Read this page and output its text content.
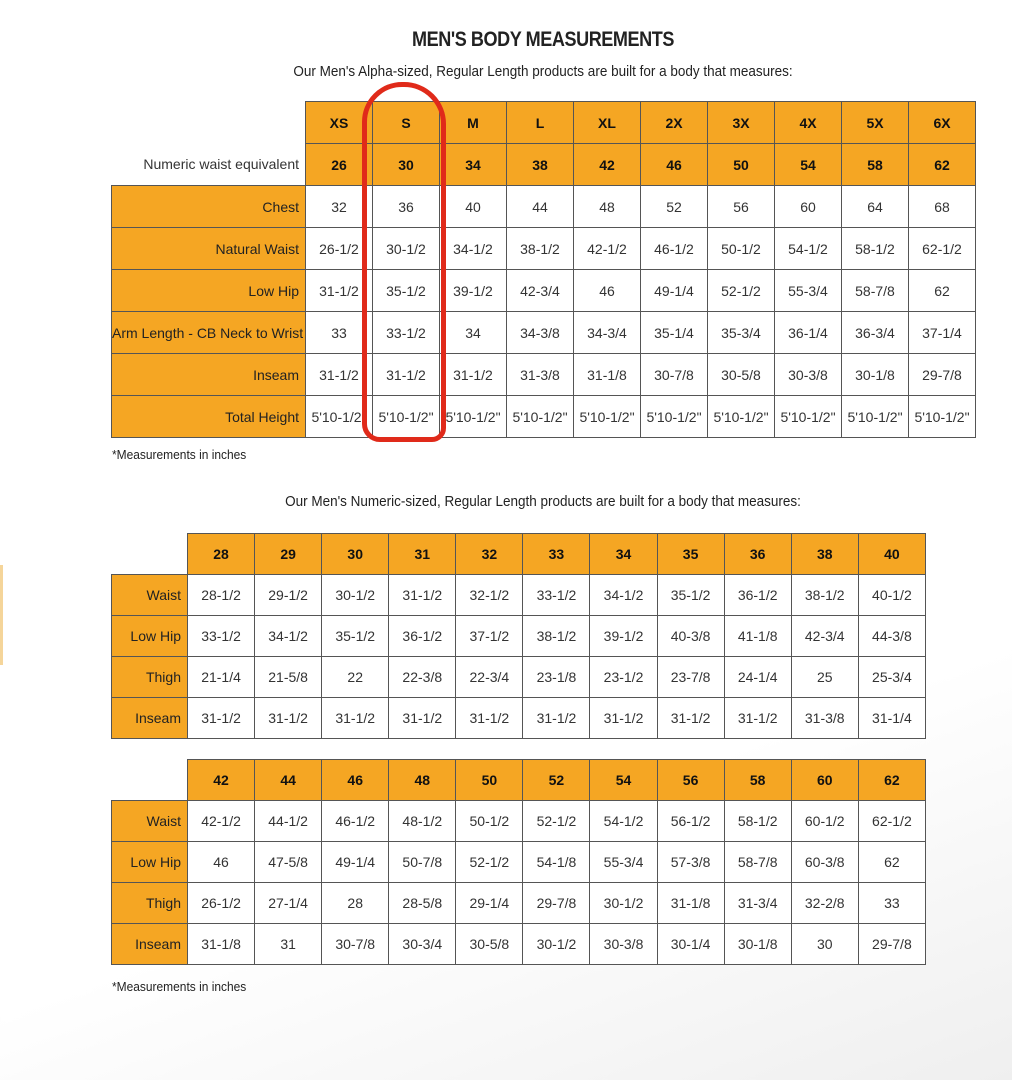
MEN'S BODY MEASUREMENTS
Our Men's Alpha-sized, Regular Length products are built for a body that measures:
	XS	S	M	L	XL	2X	3X	4X	5X	6X
Numeric waist equivalent	26	30	34	38	42	46	50	54	58	62
Chest	32	36	40	44	48	52	56	60	64	68
Natural Waist	26-1/2	30-1/2	34-1/2	38-1/2	42-1/2	46-1/2	50-1/2	54-1/2	58-1/2	62-1/2
Low Hip	31-1/2	35-1/2	39-1/2	42-3/4	46	49-1/4	52-1/2	55-3/4	58-7/8	62
Arm Length - CB Neck to Wrist	33	33-1/2	34	34-3/8	34-3/4	35-1/4	35-3/4	36-1/4	36-3/4	37-1/4
Inseam	31-1/2	31-1/2	31-1/2	31-3/8	31-1/8	30-7/8	30-5/8	30-3/8	30-1/8	29-7/8
Total Height	5'10-1/2"	5'10-1/2"	5'10-1/2"	5'10-1/2"	5'10-1/2"	5'10-1/2"	5'10-1/2"	5'10-1/2"	5'10-1/2"	5'10-1/2"
*Measurements in inches
Our Men's Numeric-sized, Regular Length products are built for a body that measures:
	28	29	30	31	32	33	34	35	36	38	40
Waist	28-1/2	29-1/2	30-1/2	31-1/2	32-1/2	33-1/2	34-1/2	35-1/2	36-1/2	38-1/2	40-1/2
Low Hip	33-1/2	34-1/2	35-1/2	36-1/2	37-1/2	38-1/2	39-1/2	40-3/8	41-1/8	42-3/4	44-3/8
Thigh	21-1/4	21-5/8	22	22-3/8	22-3/4	23-1/8	23-1/2	23-7/8	24-1/4	25	25-3/4
Inseam	31-1/2	31-1/2	31-1/2	31-1/2	31-1/2	31-1/2	31-1/2	31-1/2	31-1/2	31-3/8	31-1/4
	42	44	46	48	50	52	54	56	58	60	62
Waist	42-1/2	44-1/2	46-1/2	48-1/2	50-1/2	52-1/2	54-1/2	56-1/2	58-1/2	60-1/2	62-1/2
Low Hip	46	47-5/8	49-1/4	50-7/8	52-1/2	54-1/8	55-3/4	57-3/8	58-7/8	60-3/8	62
Thigh	26-1/2	27-1/4	28	28-5/8	29-1/4	29-7/8	30-1/2	31-1/8	31-3/4	32-2/8	33
Inseam	31-1/8	31	30-7/8	30-3/4	30-5/8	30-1/2	30-3/8	30-1/4	30-1/8	30	29-7/8
*Measurements in inches
